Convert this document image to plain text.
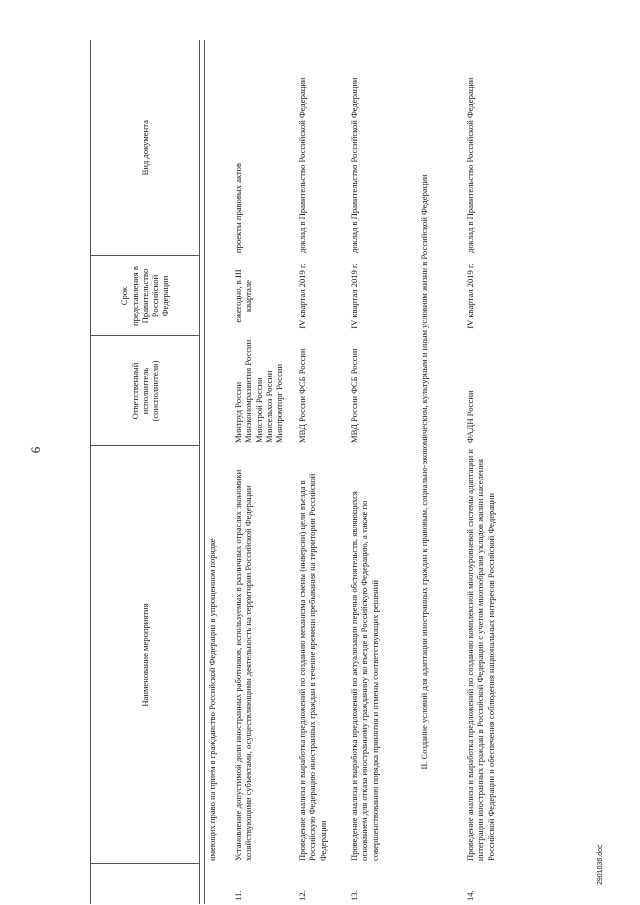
6
	Наименование мероприятия	Ответственный исполнитель (соисполнители)	Срок представления в Правительство Российской Федерации	Вид документа

	имеющих право на прием в гражданство Российской Федерации в упрощенном порядке			
11.	Установление допустимой доли иностранных работников, используемых в различных отраслях экономики хозяйствующими субъектами, осуществляющими деятельность на территории Российской Федерации	Минтруд России Минэкономразвития России Минстрой России Минсельхоз России Минпромторг России	ежегодно, в III квартале	проекты правовых актов
12.	Проведение анализа и выработка предложений по созданию механизма смены (инверсии) цели въезда в Российскую Федерацию иностранных граждан в течение времени пребывания на территории Российской Федерации	МВД России ФСБ России	IV квартал 2019 г.	доклад в Правительство Российской Федерации
13.	Проведение анализа и выработка предложений по актуализации перечня обстоятельств, являющихся основанием для отказа иностранному гражданину во въезде в Российскую Федерацию, а также по совершенствованию порядка принятия и отмены соответствующих решений	МВД России ФСБ России	IV квартал 2019 г.	доклад в Правительство Российской Федерации
II. Создание условий для адаптации иностранных граждан к правовым, социально-экономическим, культурным и иным условиям жизни в Российской Федерации				
14.	Проведение анализа и выработка предложений по созданию комплексной многоуровневой системы адаптации и интеграции иностранных граждан в Российской Федерации с учетом многообразия укладов жизни населения Российской Федерации и обеспечения соблюдения национальных интересов Российской Федерации	ФАДН России	IV квартал 2019 г.	доклад в Правительство Российской Федерации
2901036.doc
